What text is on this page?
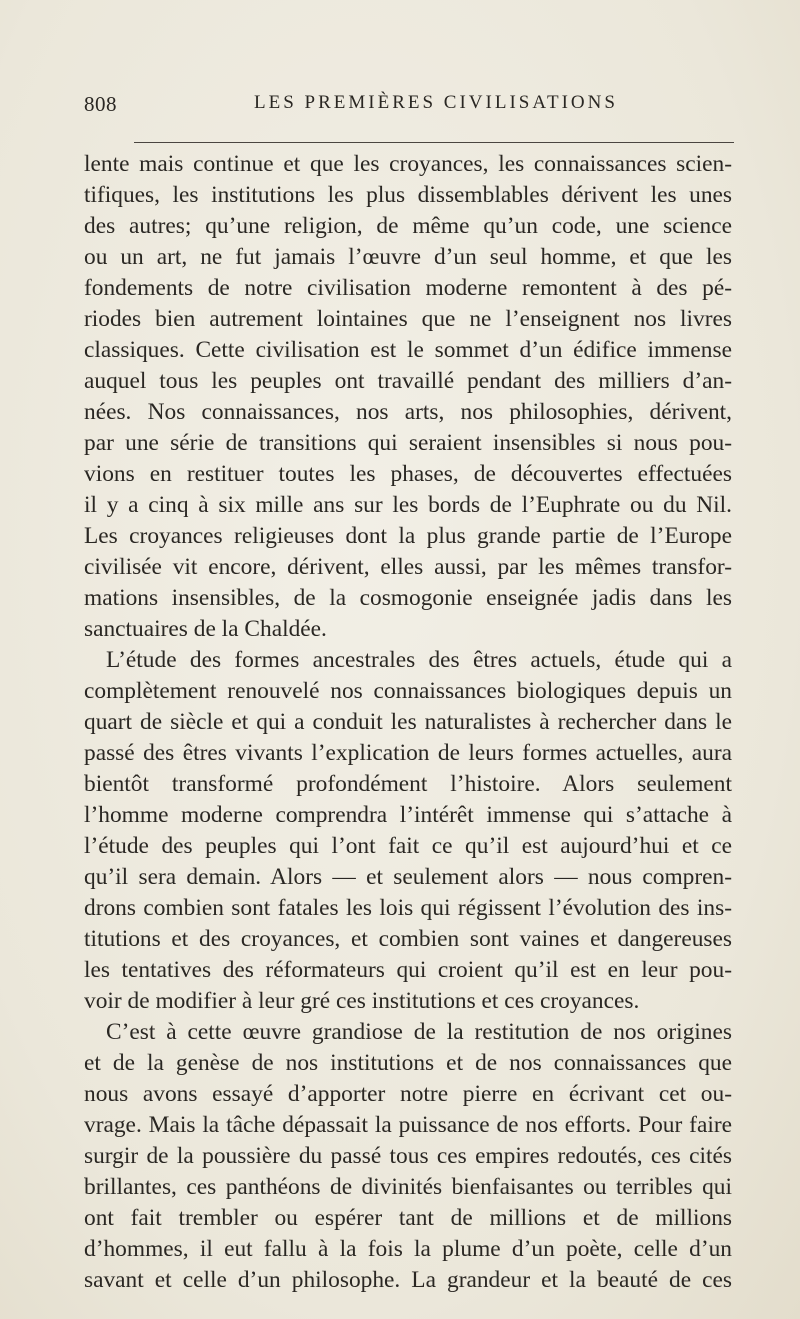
808	LES PREMIÈRES CIVILISATIONS
lente mais continue et que les croyances, les connaissances scien-
tifiques, les institutions les plus dissemblables dérivent les unes
des autres; qu’une religion, de même qu’un code, une science
ou un art, ne fut jamais l’œuvre d’un seul homme, et que les
fondements de notre civilisation moderne remontent à des pé-
riodes bien autrement lointaines que ne l’enseignent nos livres
classiques. Cette civilisation est le sommet d’un édifice immense
auquel tous les peuples ont travaillé pendant des milliers d’an-
nées. Nos connaissances, nos arts, nos philosophies, dérivent,
par une série de transitions qui seraient insensibles si nous pou-
vions en restituer toutes les phases, de découvertes effectuées
il y a cinq à six mille ans sur les bords de l’Euphrate ou du Nil.
Les croyances religieuses dont la plus grande partie de l’Europe
civilisée vit encore, dérivent, elles aussi, par les mêmes transfor-
mations insensibles, de la cosmogonie enseignée jadis dans les
sanctuaires de la Chaldée.
L’étude des formes ancestrales des êtres actuels, étude qui a
complètement renouvelé nos connaissances biologiques depuis un
quart de siècle et qui a conduit les naturalistes à rechercher dans le
passé des êtres vivants l’explication de leurs formes actuelles, aura
bientôt transformé profondément l’histoire. Alors seulement
l’homme moderne comprendra l’intérêt immense qui s’attache à
l’étude des peuples qui l’ont fait ce qu’il est aujourd’hui et ce
qu’il sera demain. Alors — et seulement alors — nous compren-
drons combien sont fatales les lois qui régissent l’évolution des ins-
titutions et des croyances, et combien sont vaines et dangereuses
les tentatives des réformateurs qui croient qu’il est en leur pou-
voir de modifier à leur gré ces institutions et ces croyances.
C’est à cette œuvre grandiose de la restitution de nos origines
et de la genèse de nos institutions et de nos connaissances que
nous avons essayé d’apporter notre pierre en écrivant cet ou-
vrage. Mais la tâche dépassait la puissance de nos efforts. Pour faire
surgir de la poussière du passé tous ces empires redoutés, ces cités
brillantes, ces panthéons de divinités bienfaisantes ou terribles qui
ont fait trembler ou espérer tant de millions et de millions
d’hommes, il eut fallu à la fois la plume d’un poète, celle d’un
savant et celle d’un philosophe. La grandeur et la beauté de ces
